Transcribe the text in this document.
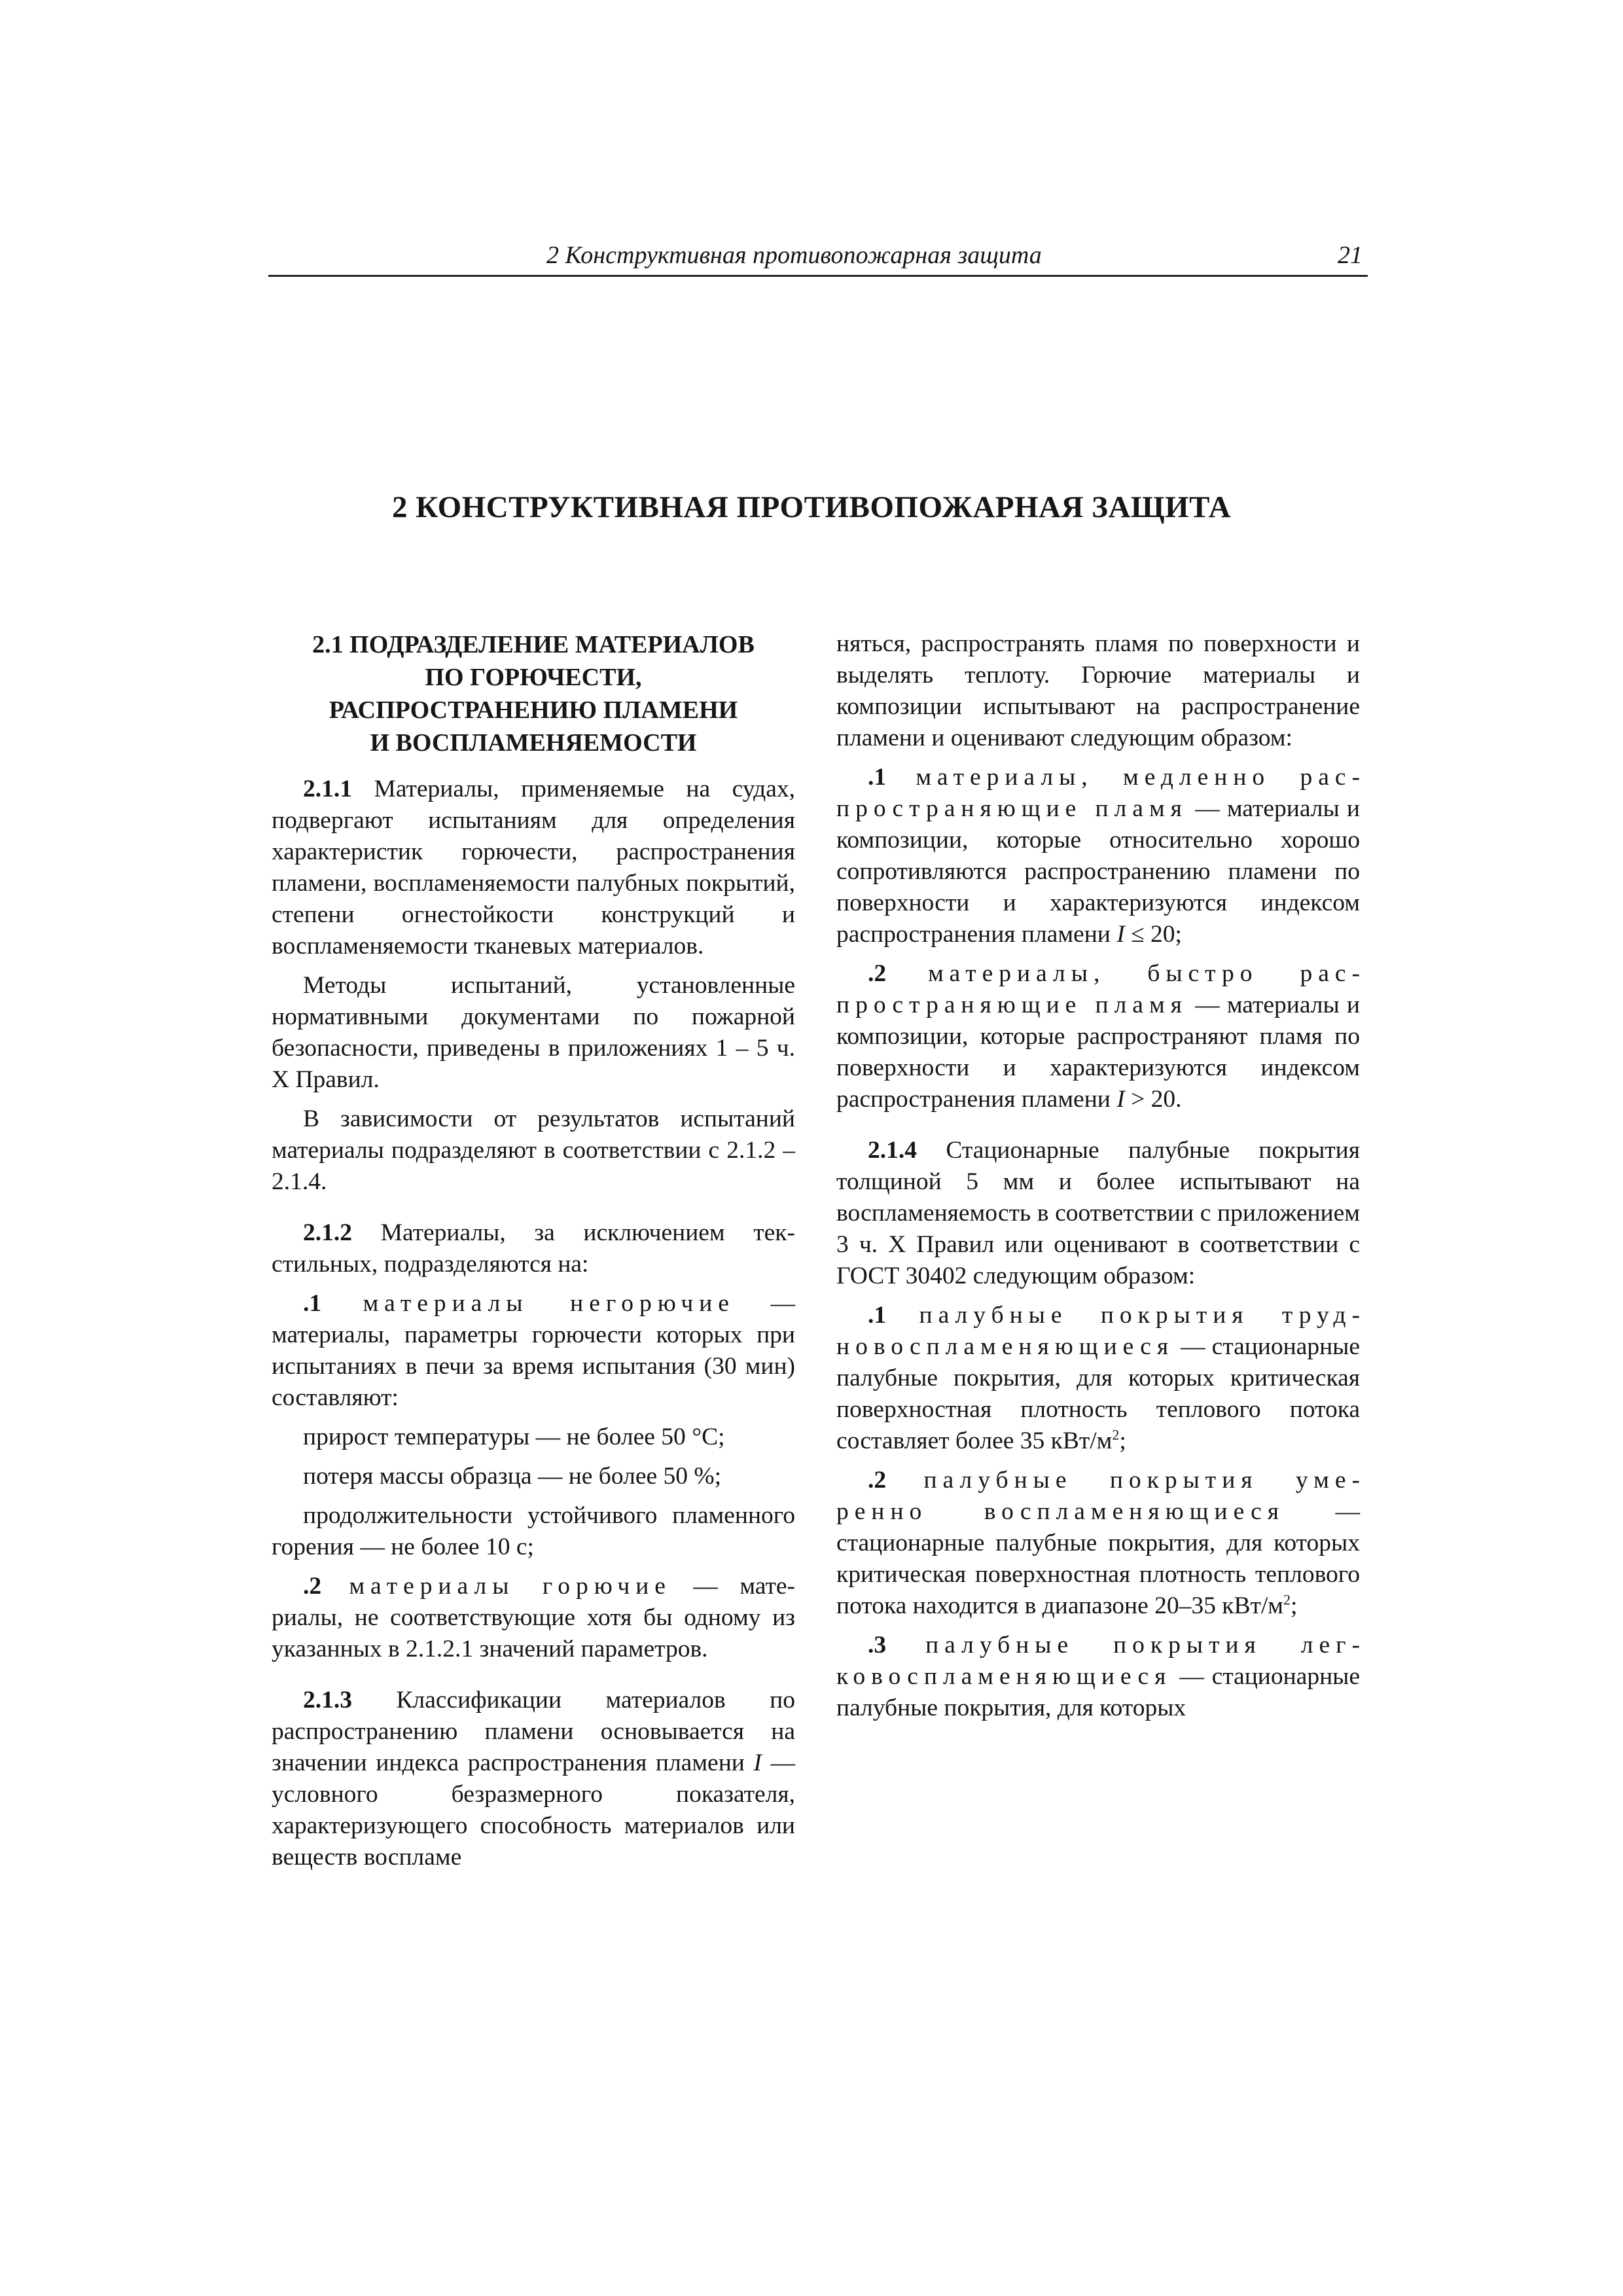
2 Конструктивная противопожарная защита	21
2 КОНСТРУКТИВНАЯ ПРОТИВОПОЖАРНАЯ ЗАЩИТА
2.1 ПОДРАЗДЕЛЕНИЕ МАТЕРИАЛОВ
ПО ГОРЮЧЕСТИ,
РАСПРОСТРАНЕНИЮ ПЛАМЕНИ
И ВОСПЛАМЕНЯЕМОСТИ

2.1.1 Материалы, применяемые на судах, подвергают испытаниям для определения характеристик горючести, распространения пламени, воспламеняемости палубных покрытий, степени огнестойкости конструкций и воспламеняемости тканевых материалов.

Методы испытаний, установленные нормативными документами по пожарной безопасности, приведены в приложениях 1 – 5 ч. X Правил.

В зависимости от результатов испытаний материалы подразделяют в соответствии с 2.1.2 – 2.1.4.

2.1.2 Материалы, за исключением текстильных, подразделяются на:

.1 материалы негорючие — материалы, параметры горючести которых при испытаниях в печи за время испытания (30 мин) составляют:

прирост температуры — не более 50 °С;

потеря массы образца — не более 50 %;

продолжительности устойчивого пламенного горения — не более 10 с;

.2 материалы горючие — материалы, не соответствующие хотя бы одному из указанных в 2.1.2.1 значений параметров.

2.1.3 Классификации материалов по распространению пламени основывается на значении индекса распространения пламени I — условного безразмерного показателя, характеризующего способность материалов или веществ воспламе

няться, распространять пламя по поверхности и выделять теплоту. Горючие материалы и композиции испытывают на распространение пламени и оценивают следующим образом:

.1 материалы, медленно распространяющие пламя — материалы и композиции, которые относительно хорошо сопротивляются распространению пламени по поверхности и характеризуются индексом распространения пламени I ≤ 20;

.2 материалы, быстро распространяющие пламя — материалы и композиции, которые распространяют пламя по поверхности и характеризуются индексом распространения пламени I > 20.

2.1.4 Стационарные палубные покрытия толщиной 5 мм и более испытывают на воспламеняемость в соответствии с приложением 3 ч. X Правил или оценивают в соответствии с ГОСТ 30402 следующим образом:

.1 палубные покрытия трудновоспламеняющиеся — стационарные палубные покрытия, для которых критическая поверхностная плотность теплового потока составляет более 35 кВт/$м^2$;

.2 палубные покрытия умеренно воспламеняющиеся — стационарные палубные покрытия, для которых критическая поверхностная плотность теплового потока находится в диапазоне 20–35 кВт/$м^2$;

.3 палубные покрытия легковоспламеняющиеся — стационарные палубные покрытия, для которых
